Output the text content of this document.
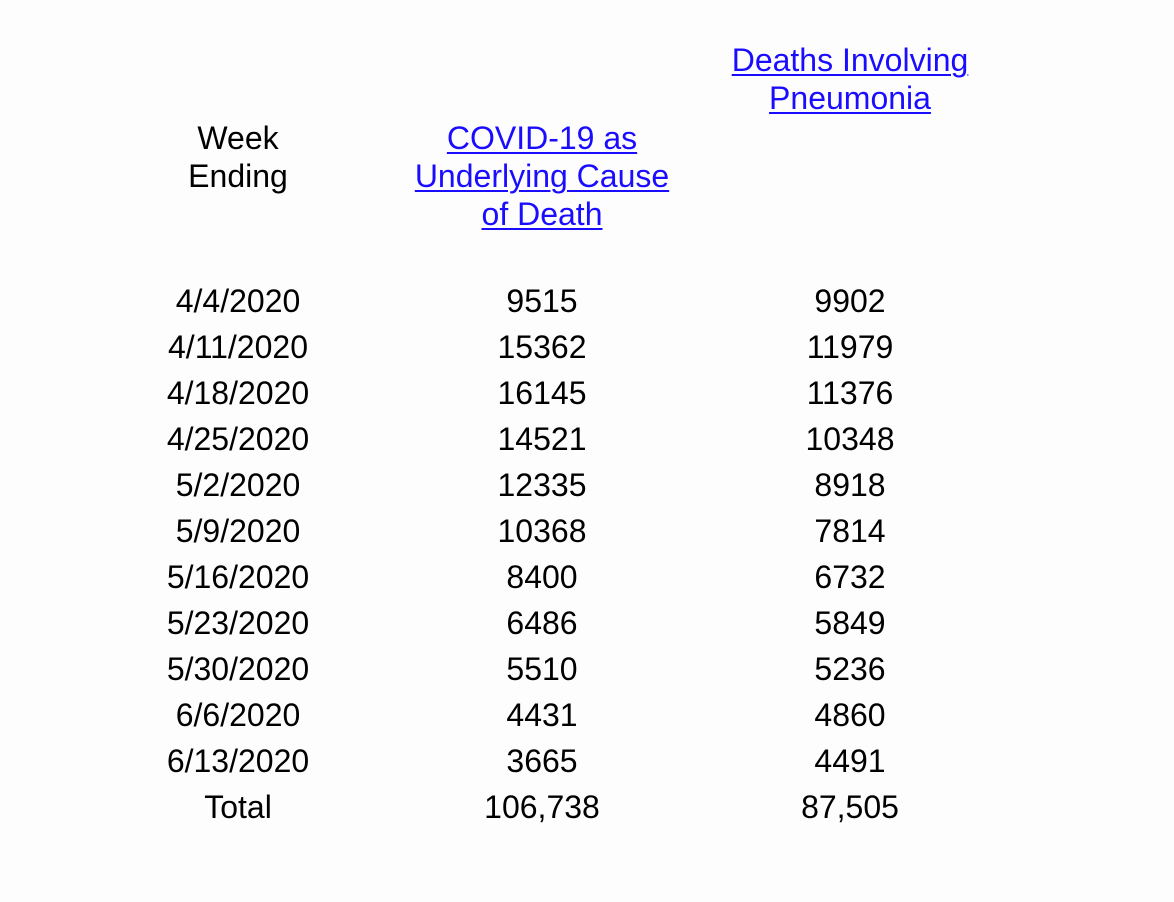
Week
Ending
COVID-19 as
Underlying Cause
of Death
Deaths Involving
Pneumonia
4/4/2020
4/11/2020
4/18/2020
4/25/2020
5/2/2020
5/9/2020
5/16/2020
5/23/2020
5/30/2020
6/6/2020
6/13/2020
Total
9515
15362
16145
14521
12335
10368
8400
6486
5510
4431
3665
106,738
9902
11979
11376
10348
8918
7814
6732
5849
5236
4860
4491
87,505
